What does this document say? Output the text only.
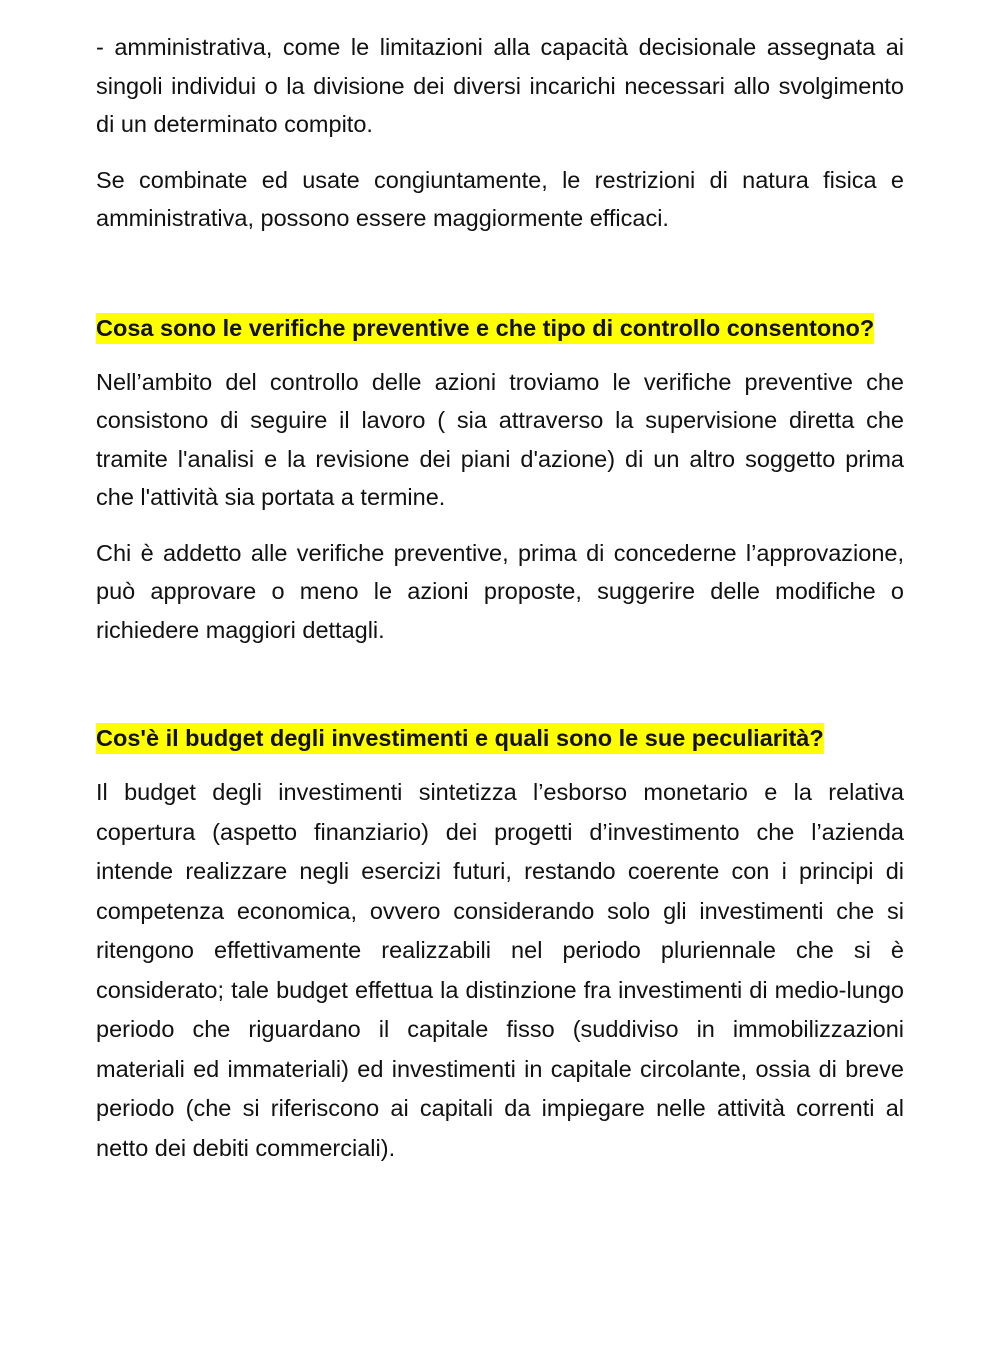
- amministrativa, come le limitazioni alla capacità decisionale assegnata ai singoli individui o la divisione dei diversi incarichi necessari allo svolgimento di un determinato compito.

Se combinate ed usate congiuntamente, le restrizioni di natura fisica e amministrativa, possono essere maggiormente efficaci.

Cosa sono le verifiche preventive e che tipo di controllo consentono?

Nell’ambito del controllo delle azioni troviamo le verifiche preventive che consistono di seguire il lavoro ( sia attraverso la supervisione diretta che tramite l'analisi e la revisione dei piani d'azione) di un altro soggetto prima che l'attività sia portata a termine.

Chi è addetto alle verifiche preventive, prima di concederne l’approvazione, può approvare o meno le azioni proposte, suggerire delle modifiche o richiedere maggiori dettagli.

Cos'è il budget degli investimenti e quali sono le sue peculiarità?

Il budget degli investimenti sintetizza l’esborso monetario e la relativa copertura (aspetto finanziario) dei progetti d’investimento che l’azienda intende realizzare negli esercizi futuri, restando coerente con i principi di competenza economica, ovvero considerando solo gli investimenti che si ritengono effettivamente realizzabili nel periodo pluriennale che si è considerato; tale budget effettua la distinzione fra investimenti di medio-lungo periodo che riguardano il capitale fisso (suddiviso in immobilizzazioni materiali ed immateriali) ed investimenti in capitale circolante, ossia di breve periodo (che si riferiscono ai capitali da impiegare nelle attività correnti al netto dei debiti commerciali).
